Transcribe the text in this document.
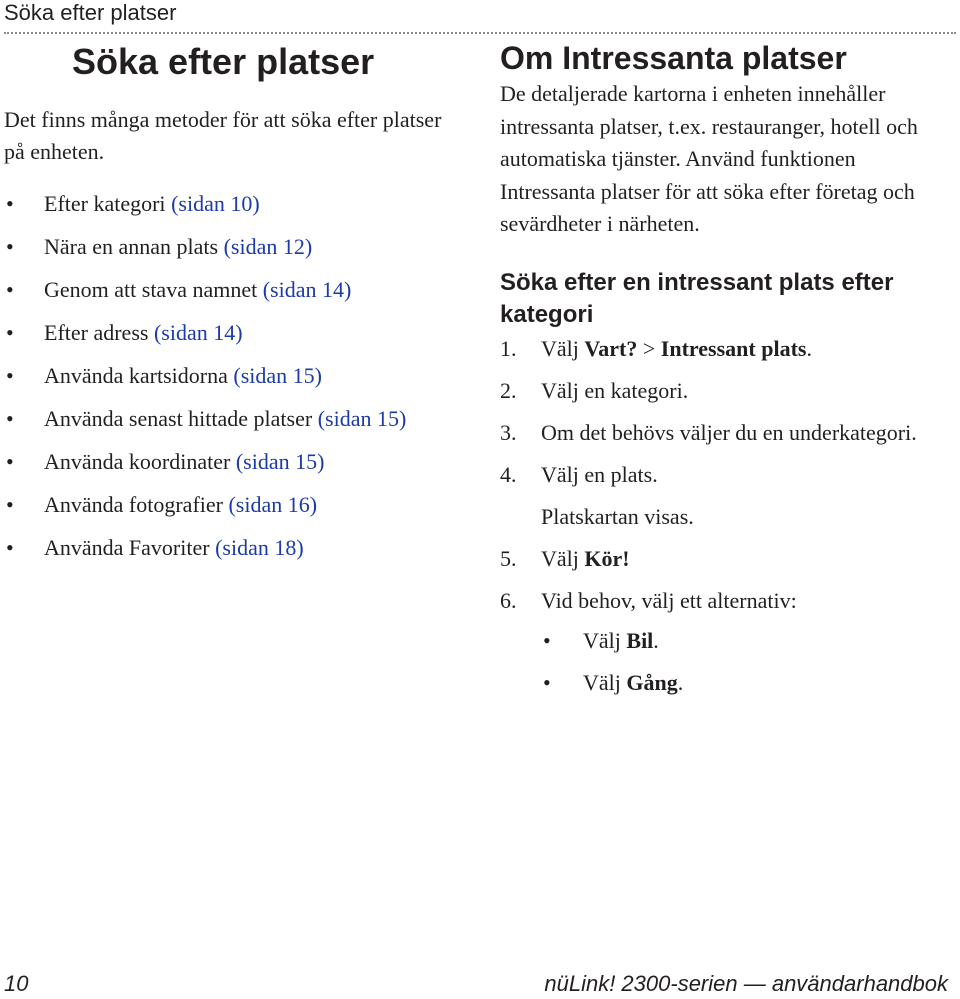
Söka efter platser
Söka efter platser

Det finns många metoder för att söka efter platser på enheten.

• Efter kategori (sidan 10)
• Nära en annan plats (sidan 12)
• Genom att stava namnet (sidan 14)
• Efter adress (sidan 14)
• Använda kartsidorna (sidan 15)
• Använda senast hittade platser (sidan 15)
• Använda koordinater (sidan 15)
• Använda fotografier (sidan 16)
• Använda Favoriter (sidan 18)
Om Intressanta platser

De detaljerade kartorna i enheten innehåller intressanta platser, t.ex. restauranger, hotell och automatiska tjänster. Använd funktionen Intressanta platser för att söka efter företag och sevärdheter i närheten.

Söka efter en intressant plats efter kategori
1. Välj Vart? > Intressant plats.
2. Välj en kategori.
3. Om det behövs väljer du en underkategori.
4. Välj en plats.
Platskartan visas.
5. Välj Kör!
6. Vid behov, välj ett alternativ:
• Välj Bil.
• Välj Gång.
10	nüLink! 2300-serien — användarhandbok
